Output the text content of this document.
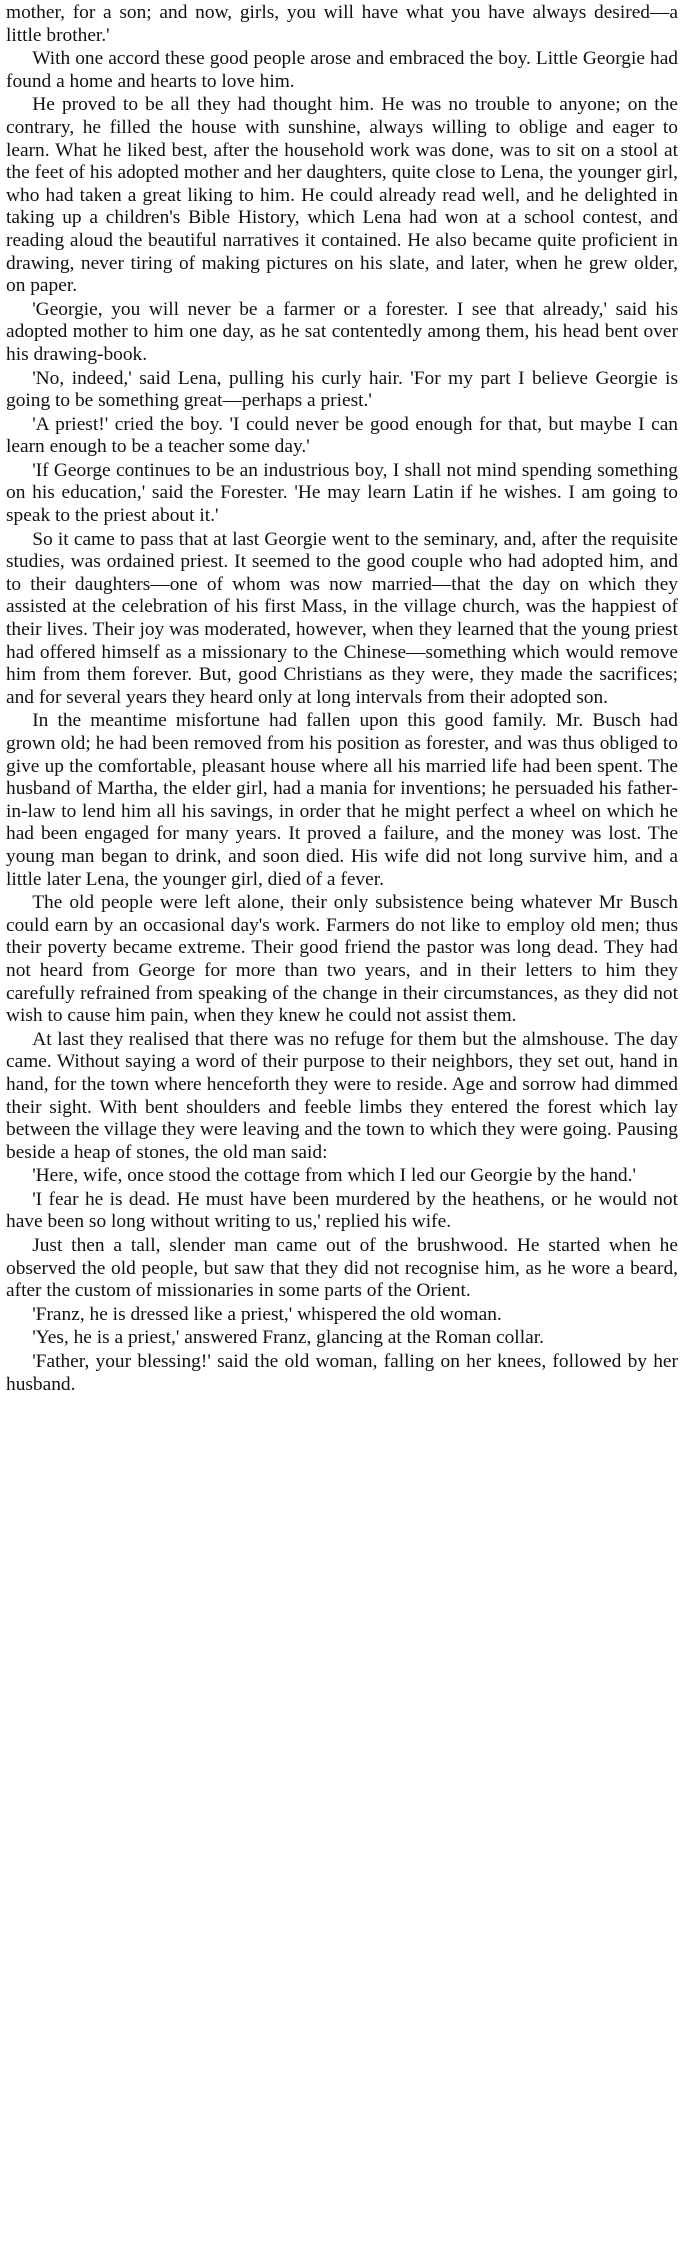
mother, for a son; and now, girls, you will have what you have always desired—a little brother.'

With one accord these good people arose and embraced the boy. Little Georgie had found a home and hearts to love him.

He proved to be all they had thought him. He was no trouble to anyone; on the contrary, he filled the house with sunshine, always willing to oblige and eager to learn. What he liked best, after the household work was done, was to sit on a stool at the feet of his adopted mother and her daughters, quite close to Lena, the younger girl, who had taken a great liking to him. He could already read well, and he delighted in taking up a children's Bible History, which Lena had won at a school contest, and reading aloud the beautiful narratives it contained. He also became quite proficient in drawing, never tiring of making pictures on his slate, and later, when he grew older, on paper.

'Georgie, you will never be a farmer or a forester. I see that already,' said his adopted mother to him one day, as he sat contentedly among them, his head bent over his drawing-book.

'No, indeed,' said Lena, pulling his curly hair. 'For my part I believe Georgie is going to be something great—perhaps a priest.'

'A priest!' cried the boy. 'I could never be good enough for that, but maybe I can learn enough to be a teacher some day.'

'If George continues to be an industrious boy, I shall not mind spending something on his education,' said the Forester. 'He may learn Latin if he wishes. I am going to speak to the priest about it.'

So it came to pass that at last Georgie went to the seminary, and, after the requisite studies, was ordained priest. It seemed to the good couple who had adopted him, and to their daughters—one of whom was now married—that the day on which they assisted at the celebration of his first Mass, in the village church, was the happiest of their lives. Their joy was moderated, however, when they learned that the young priest had offered himself as a missionary to the Chinese—something which would remove him from them forever. But, good Christians as they were, they made the sacrifices; and for several years they heard only at long intervals from their adopted son.

In the meantime misfortune had fallen upon this good family. Mr. Busch had grown old; he had been removed from his position as forester, and was thus obliged to give up the comfortable, pleasant house where all his married life had been spent. The husband of Martha, the elder girl, had a mania for inventions; he persuaded his father-in-law to lend him all his savings, in order that he might perfect a wheel on which he had been engaged for many years. It proved a failure, and the money was lost. The young man began to drink, and soon died. His wife did not long survive him, and a little later Lena, the younger girl, died of a fever.

The old people were left alone, their only subsistence being whatever Mr Busch could earn by an occasional day's work. Farmers do not like to employ old men; thus their poverty became extreme. Their good friend the pastor was long dead. They had not heard from George for more than two years, and in their letters to him they carefully refrained from speaking of the change in their circumstances, as they did not wish to cause him pain, when they knew he could not assist them.

At last they realised that there was no refuge for them but the almshouse. The day came. Without saying a word of their purpose to their neighbors, they set out, hand in hand, for the town where henceforth they were to reside. Age and sorrow had dimmed their sight. With bent shoulders and feeble limbs they entered the forest which lay between the village they were leaving and the town to which they were going. Pausing beside a heap of stones, the old man said:

'Here, wife, once stood the cottage from which I led our Georgie by the hand.'

'I fear he is dead. He must have been murdered by the heathens, or he would not have been so long without writing to us,' replied his wife.

Just then a tall, slender man came out of the brushwood. He started when he observed the old people, but saw that they did not recognise him, as he wore a beard, after the custom of missionaries in some parts of the Orient.

'Franz, he is dressed like a priest,' whispered the old woman.

'Yes, he is a priest,' answered Franz, glancing at the Roman collar.

'Father, your blessing!' said the old woman, falling on her knees, followed by her husband.
